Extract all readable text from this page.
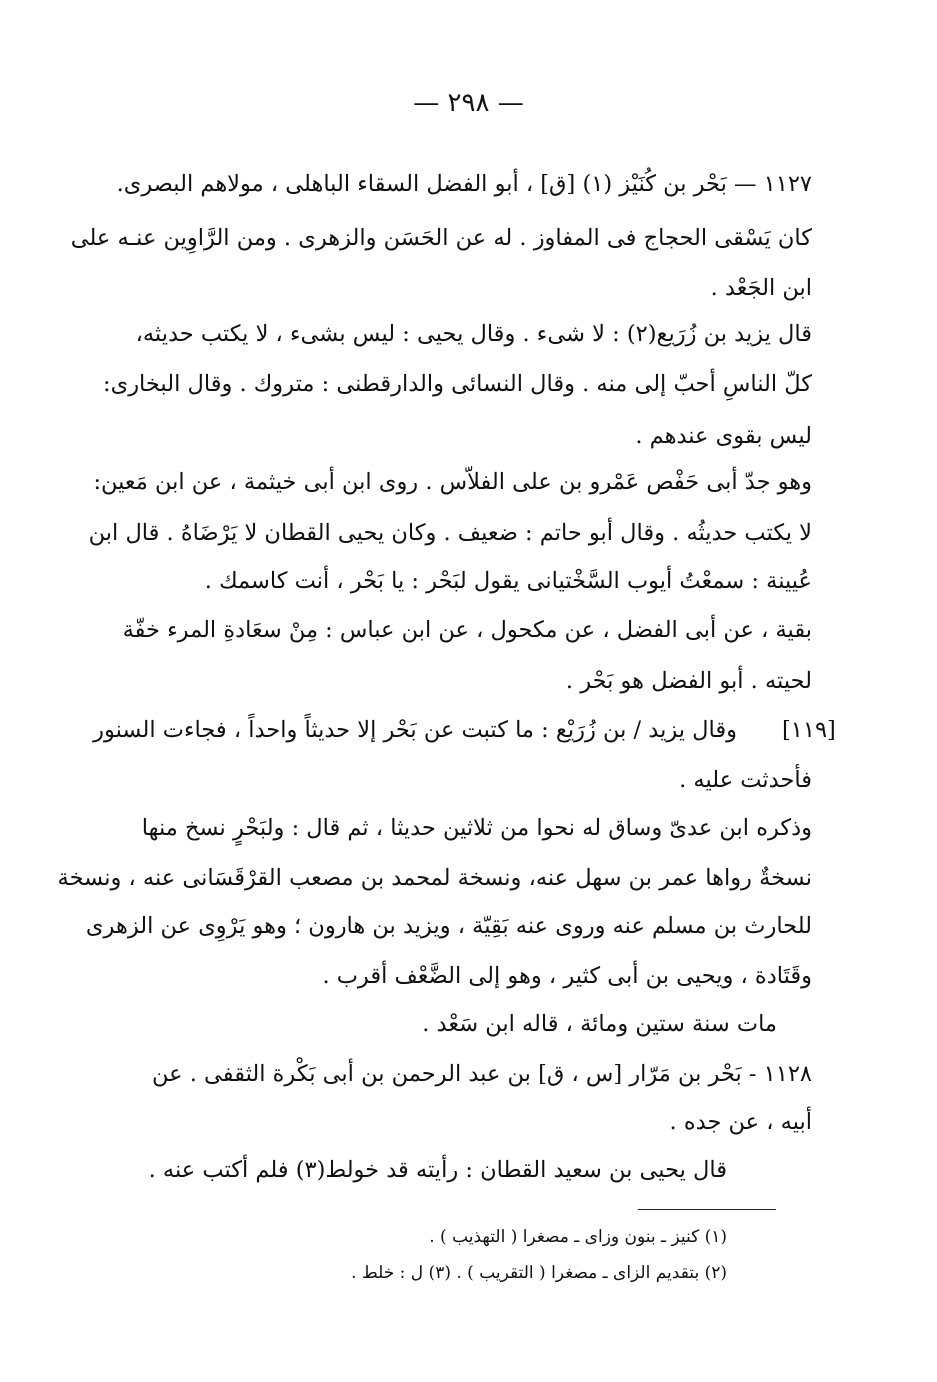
— ٢٩٨ —
[١١٩]
١١٢٧ — بَحْر بن كُنَيْز (١) [ق] ، أبو الفضل السقاء الباهلى ، مولاهم البصرى.
كان يَسْقى الحجاج فى المفاوز . له عن الحَسَن والزهرى . ومن الرَّاوِين عنـه على
ابن الجَعْد .
قال يزيد بن زُرَيع(٢) : لا شىء . وقال يحيى : ليس بشىء ، لا يكتب حديثه،
كلّ الناسِ أحبّ إلى منه . وقال النسائى والدارقطنى : متروك . وقال البخارى:
ليس بقوى عندهم .
وهو جدّ أبى حَفْص عَمْرو بن على الفلاّس . روى ابن أبى خيثمة ، عن ابن مَعين:
لا يكتب حديثُه . وقال أبو حاتم : ضعيف . وكان يحيى القطان لا يَرْضَاهُ . قال ابن
عُيينة : سمعْتُ أيوب السَّخْتيانى يقول لبَحْر : يا بَحْر ، أنت كاسمك .
بقية ، عن أبى الفضل ، عن مكحول ، عن ابن عباس : مِنْ سعَادةِ المرء خفّة
لحيته . أبو الفضل هو بَحْر .
وقال يزيد / بن زُرَيْع : ما كتبت عن بَحْر إلا حديثاً واحداً ، فجاءت السنور
فأحدثت عليه .
وذكره ابن عدىّ وساق له نحوا من ثلاثين حديثا ، ثم قال : ولبَحْرٍ نسخ منها
نسخةٌ رواها عمر بن سهل عنه، ونسخة لمحمد بن مصعب القرْقَسَانى عنه ، ونسخة
للحارث بن مسلم عنه وروى عنه بَقِيّة ، ويزيد بن هارون ؛ وهو يَرْوِى عن الزهرى
وقَتَادة ، ويحيى بن أبى كثير ، وهو إلى الضَّعْف أقرب .
مات سنة ستين ومائة ، قاله ابن سَعْد .
١١٢٨ - بَحْر بن مَرّار [س ، ق] بن عبد الرحمن بن أبى بَكْرة الثقفى . عن
أبيه ، عن جده .
قال يحيى بن سعيد القطان : رأيته قد خولط(٣) فلم أكتب عنه .
(١) كنيز ـ بنون وزاى ـ مصغرا ( التهذيب ) .
(٢) بتقديم الزاى ـ مصغرا ( التقريب ) . (٣) ل : خلط .
